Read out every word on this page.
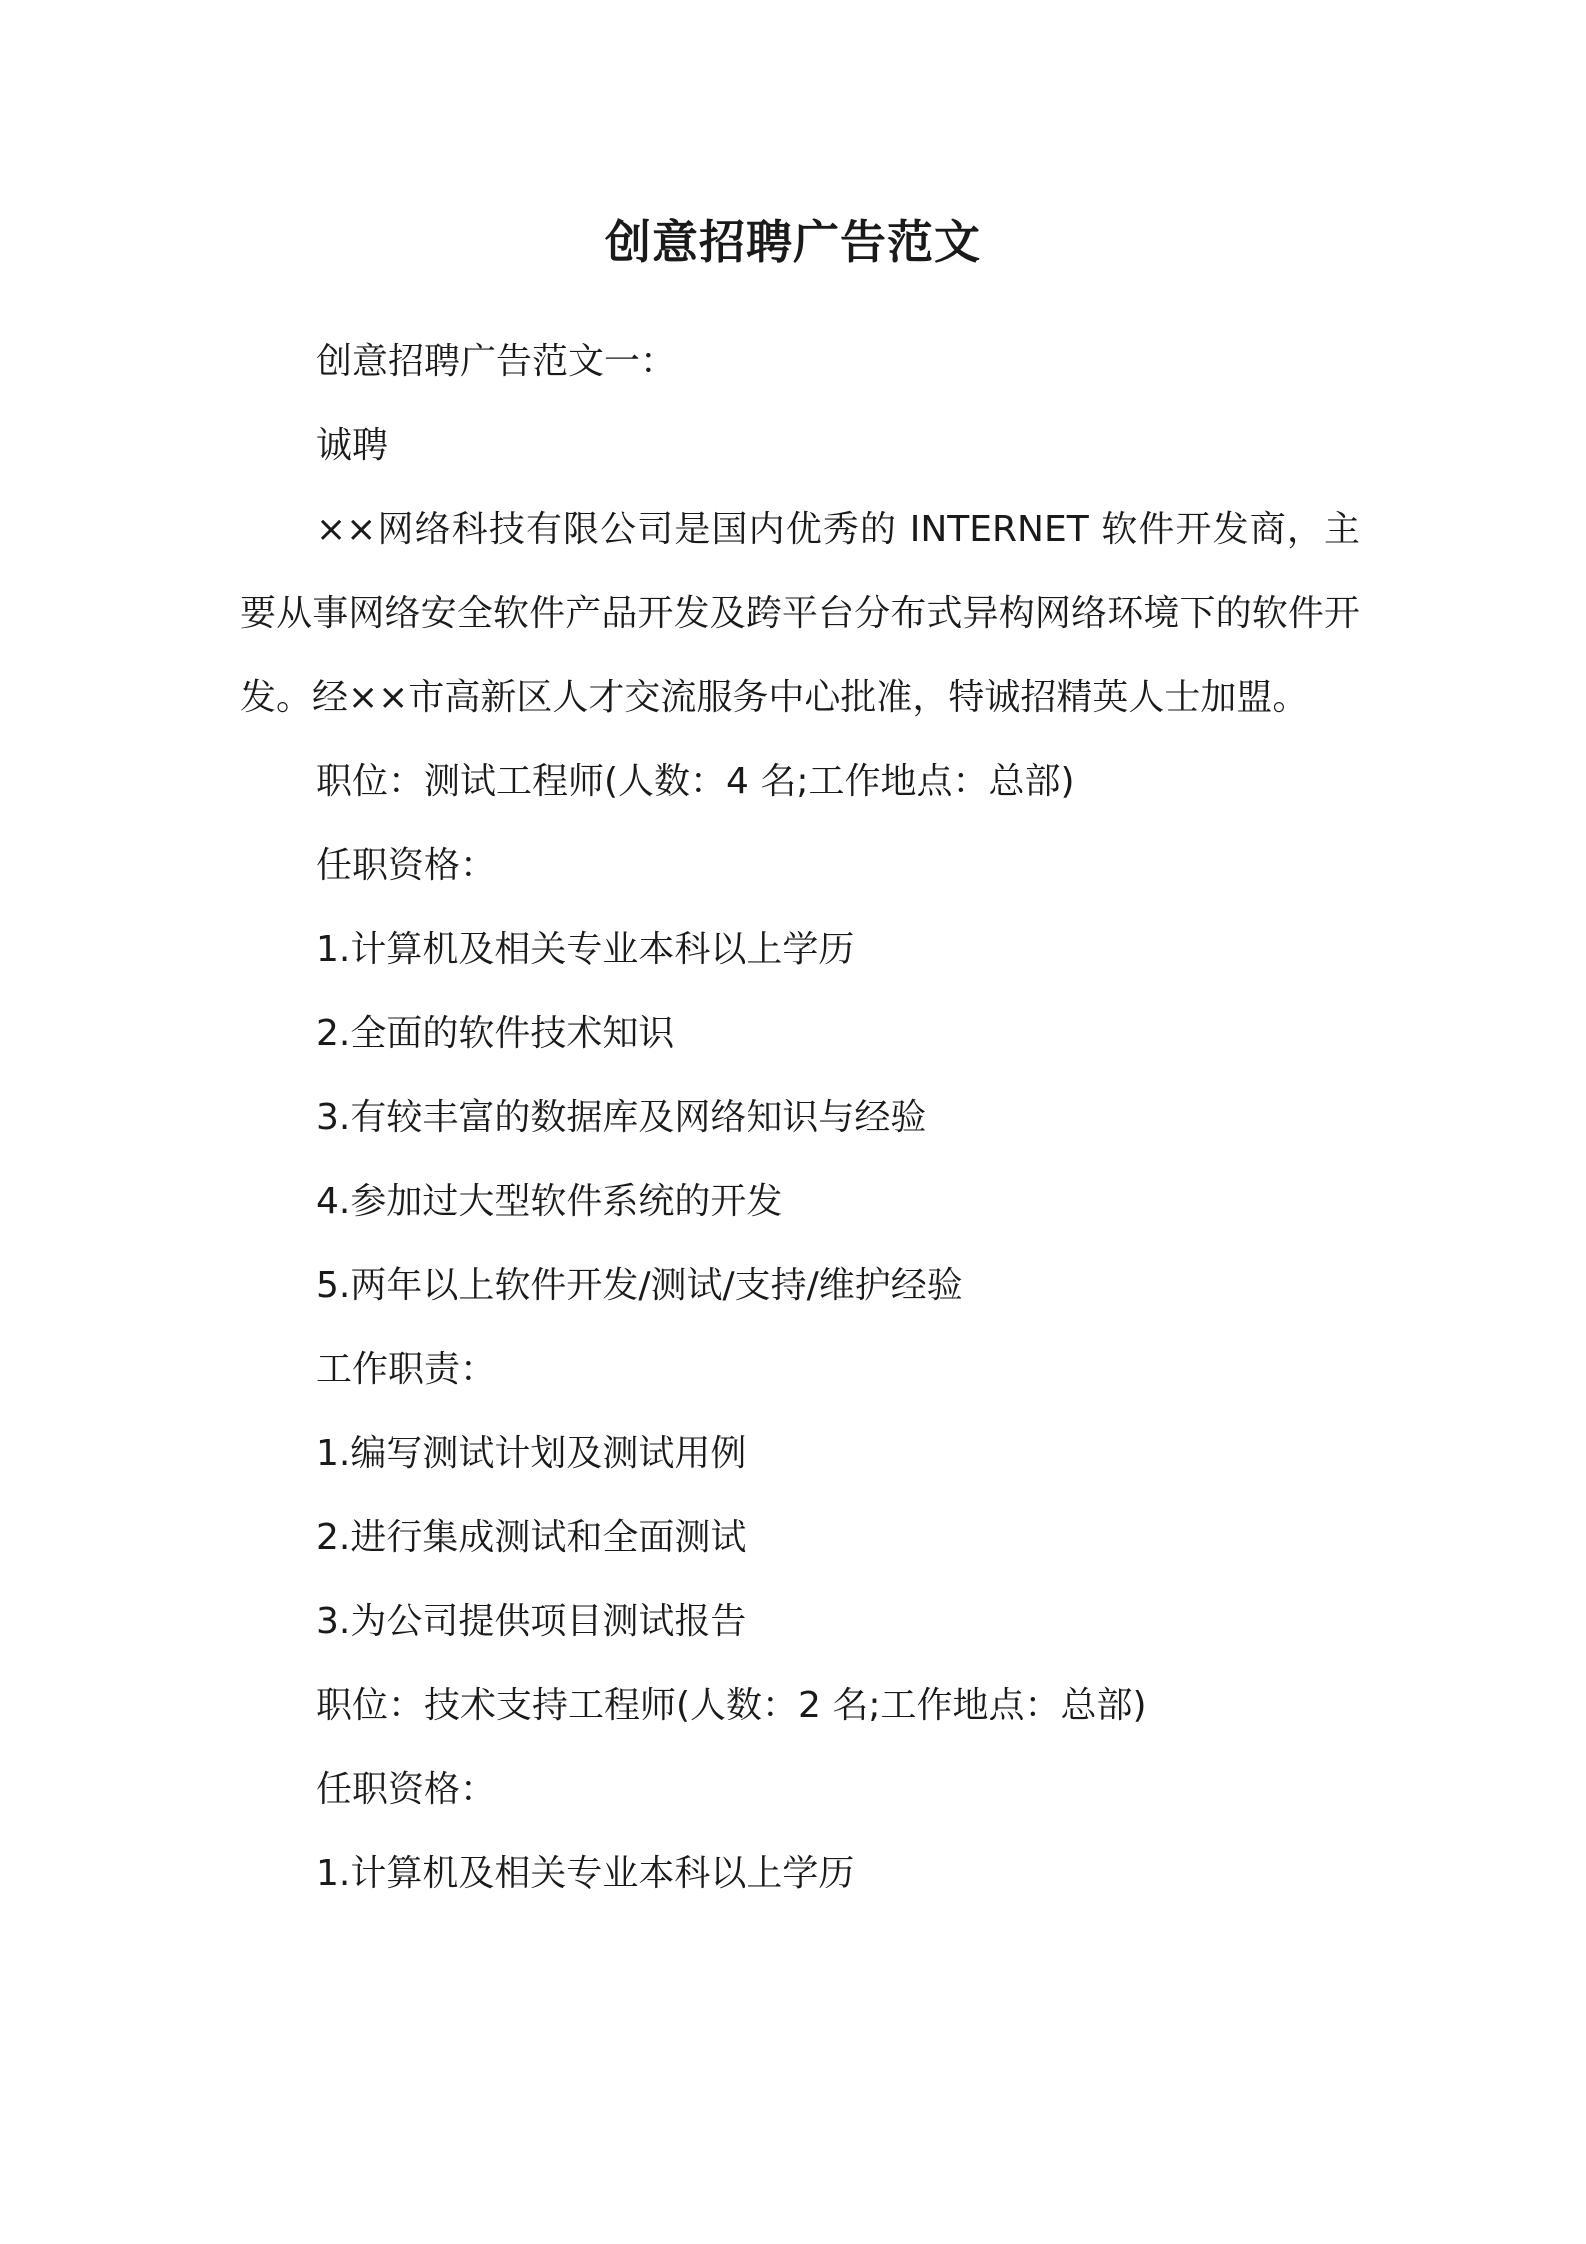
创意招聘广告范文

创意招聘广告范文一：

诚聘

××网络科技有限公司是国内优秀的 INTERNET 软件开发商，主要从事网络安全软件产品开发及跨平台分布式异构网络环境下的软件开发。经××市高新区人才交流服务中心批准，特诚招精英人士加盟。

职位：测试工程师(人数：4 名;工作地点：总部)

任职资格：

1.计算机及相关专业本科以上学历

2.全面的软件技术知识

3.有较丰富的数据库及网络知识与经验

4.参加过大型软件系统的开发

5.两年以上软件开发/测试/支持/维护经验

工作职责：

1.编写测试计划及测试用例

2.进行集成测试和全面测试

3.为公司提供项目测试报告

职位：技术支持工程师(人数：2 名;工作地点：总部)

任职资格：

1.计算机及相关专业本科以上学历
